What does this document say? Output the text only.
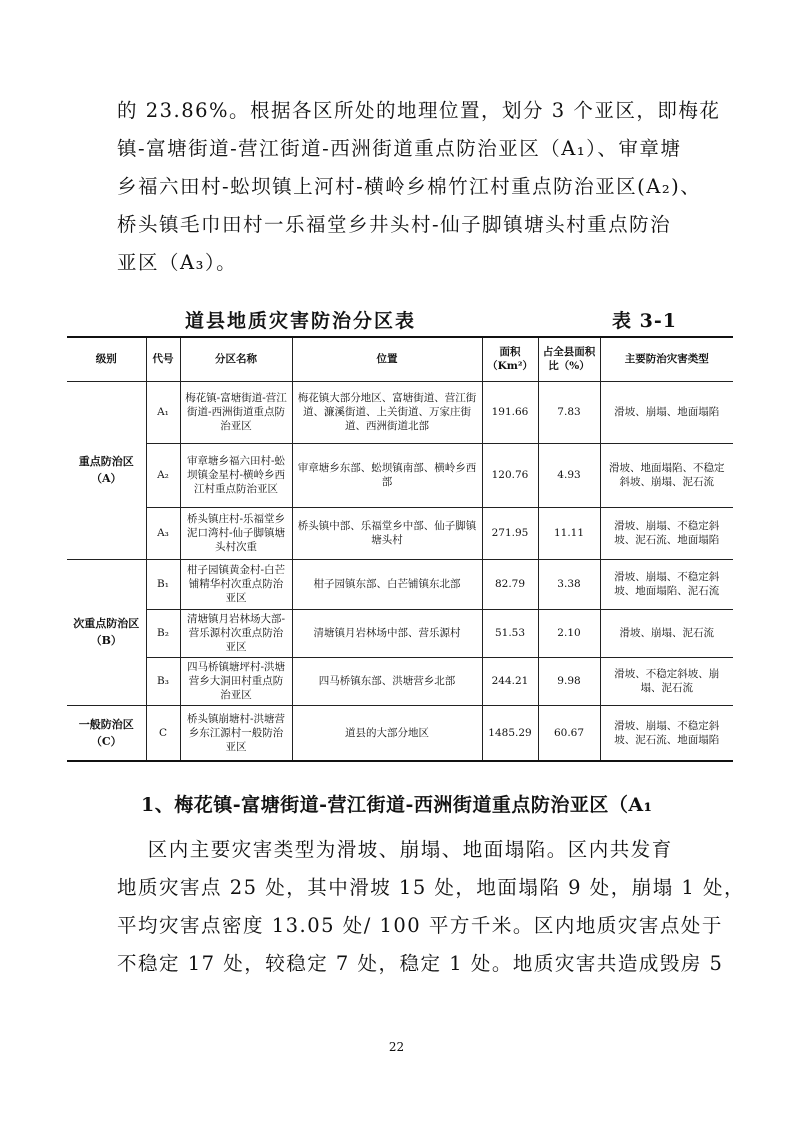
的 23.86%。根据各区所处的地理位置，划分 3 个亚区，即梅花

镇-富塘街道-营江街道-西洲街道重点防治亚区（A₁）、审章塘

乡福六田村-蚣坝镇上河村-横岭乡棉竹江村重点防治亚区(A₂)、

桥头镇毛巾田村一乐福堂乡井头村-仙子脚镇塘头村重点防治

亚区（A₃）。

道县地质灾害防治分区表	表 3-1
级别	代号	分区名称	位置	面积（Km²）	占全县面积比（%）	主要防治灾害类型
重点防治区（A）	A₁	梅花镇-富塘街道-营江街道-西洲街道重点防治亚区	梅花镇大部分地区、富塘街道、营江街道、濂溪街道、上关街道、万家庄街道、西洲街道北部	191.66	7.83	滑坡、崩塌、地面塌陷
	A₂	审章塘乡福六田村-蚣坝镇金星村-横岭乡西江村重点防治亚区	审章塘乡东部、蚣坝镇南部、横岭乡西部	120.76	4.93	滑坡、地面塌陷、不稳定斜坡、崩塌、泥石流
	A₃	桥头镇庄村-乐福堂乡泥口湾村-仙子脚镇塘头村次重	桥头镇中部、乐福堂乡中部、仙子脚镇塘头村	271.95	11.11	滑坡、崩塌、不稳定斜坡、泥石流、地面塌陷
次重点防治区（B）	B₁	柑子园镇黄金村-白芒铺精华村次重点防治亚区	柑子园镇东部、白芒铺镇东北部	82.79	3.38	滑坡、崩塌、不稳定斜坡、地面塌陷、泥石流
	B₂	清塘镇月岩林场大部-营乐源村次重点防治亚区	清塘镇月岩林场中部、营乐源村	51.53	2.10	滑坡、崩塌、泥石流
	B₃	四马桥镇塘坪村-洪塘营乡大洞田村重点防治亚区	四马桥镇东部、洪塘营乡北部	244.21	9.98	滑坡、不稳定斜坡、崩塌、泥石流
一般防治区（C）	C	桥头镇崩塘村-洪塘营乡东江源村一般防治亚区	道县的大部分地区	1485.29	60.67	滑坡、崩塌、不稳定斜坡、泥石流、地面塌陷
1、梅花镇-富塘街道-营江街道-西洲街道重点防治亚区（A₁

区内主要灾害类型为滑坡、崩塌、地面塌陷。区内共发育

地质灾害点 25 处，其中滑坡 15 处，地面塌陷 9 处，崩塌 1 处，

平均灾害点密度 13.05 处/ 100 平方千米。区内地质灾害点处于

不稳定 17 处，较稳定 7 处，稳定 1 处。地质灾害共造成毁房 5

22
